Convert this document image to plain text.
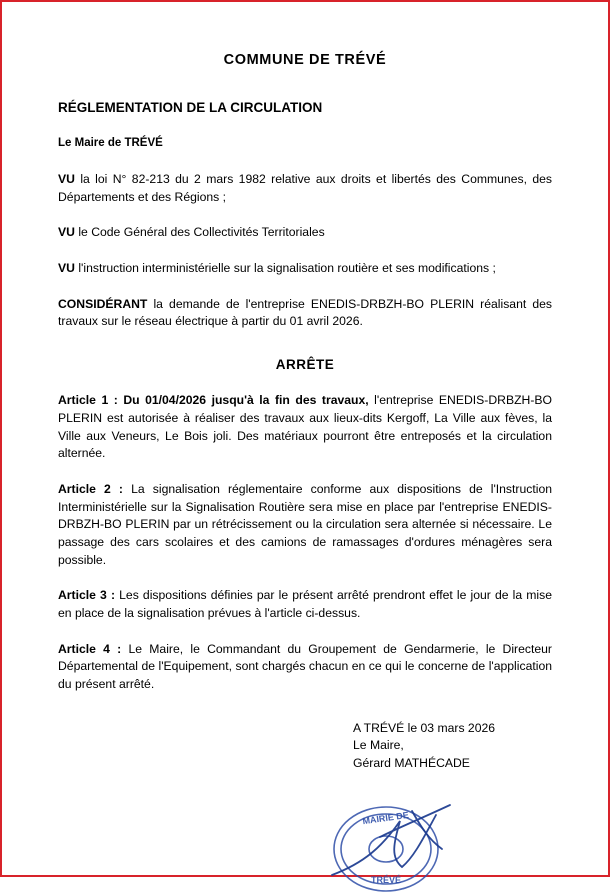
COMMUNE DE TRÉVÉ
RÉGLEMENTATION DE LA CIRCULATION
Le Maire de TRÉVÉ
VU la loi N° 82-213 du 2 mars 1982 relative aux droits et libertés des Communes, des Départements et des Régions ;
VU le Code Général des Collectivités Territoriales
VU l'instruction interministérielle sur la signalisation routière et ses modifications ;
CONSIDÉRANT la demande de l'entreprise ENEDIS-DRBZH-BO PLERIN réalisant des travaux sur le réseau électrique à partir du 01 avril 2026.
ARRÊTE
Article 1 : Du 01/04/2026 jusqu'à la fin des travaux, l'entreprise ENEDIS-DRBZH-BO PLERIN est autorisée à réaliser des travaux aux lieux-dits Kergoff, La Ville aux fèves, la Ville aux Veneurs, Le Bois joli. Des matériaux pourront être entreposés et la circulation alternée.
Article 2 : La signalisation réglementaire conforme aux dispositions de l'Instruction Interministérielle sur la Signalisation Routière sera mise en place par l'entreprise ENEDIS-DRBZH-BO PLERIN par un rétrécissement ou la circulation sera alternée si nécessaire. Le passage des cars scolaires et des camions de ramassages d'ordures ménagères sera possible.
Article 3 : Les dispositions définies par le présent arrêté prendront effet le jour de la mise en place de la signalisation prévues à l'article ci-dessus.
Article 4 : Le Maire, le Commandant du Groupement de Gendarmerie, le Directeur Départemental de l'Equipement, sont chargés chacun en ce qui le concerne de l'application du présent arrêté.
A TRÉVÉ le 03 mars 2026
Le Maire,
Gérard MATHÉCADE
MAIRIE DE
TRÉVÉ
